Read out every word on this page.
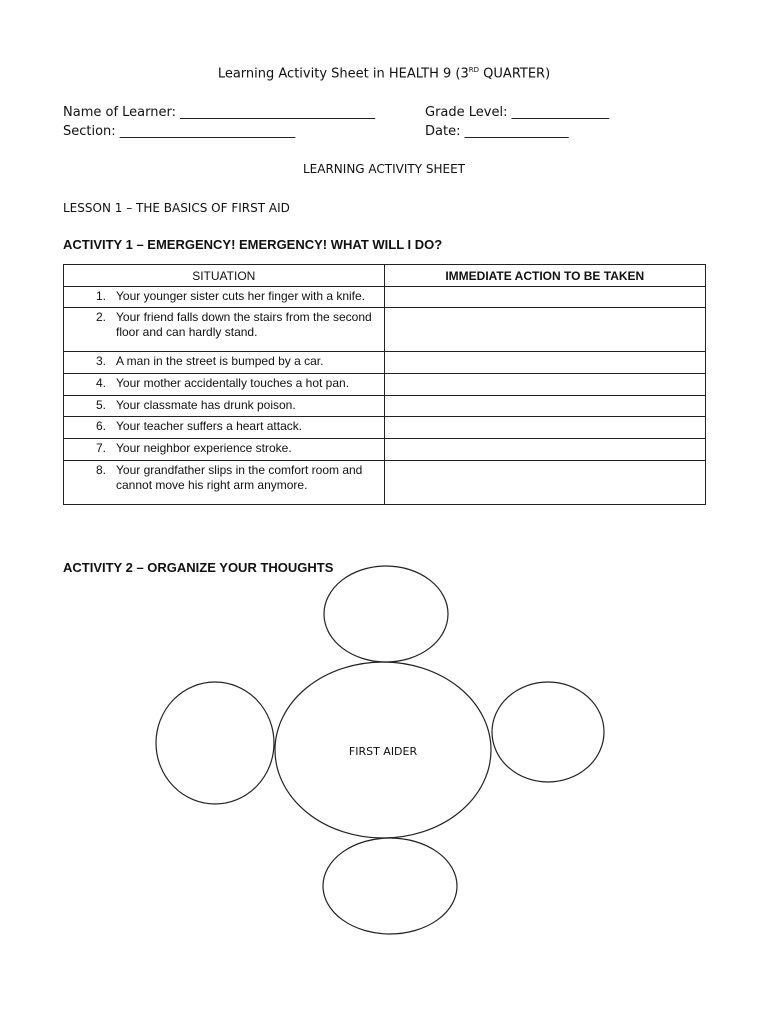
Learning Activity Sheet in HEALTH 9 (3RD QUARTER)
Name of Learner: ______________________________	Grade Level: _______________
Section: ___________________________	Date: ________________
LEARNING ACTIVITY SHEET
LESSON 1 – THE BASICS OF FIRST AID
ACTIVITY 1 – EMERGENCY! EMERGENCY! WHAT WILL I DO?
SITUATION	IMMEDIATE ACTION TO BE TAKEN

1. Your younger sister cuts her finger with a knife.	

2. Your friend falls down the stairs from the second floor and can hardly stand.	

3. A man in the street is bumped by a car.	

4. Your mother accidentally touches a hot pan.	

5. Your classmate has drunk poison.	

6. Your teacher suffers a heart attack.	

7. Your neighbor experience stroke.	

8. Your grandfather slips in the comfort room and cannot move his right arm anymore.	

ACTIVITY 2 – ORGANIZE YOUR THOUGHTS
FIRST AIDER
